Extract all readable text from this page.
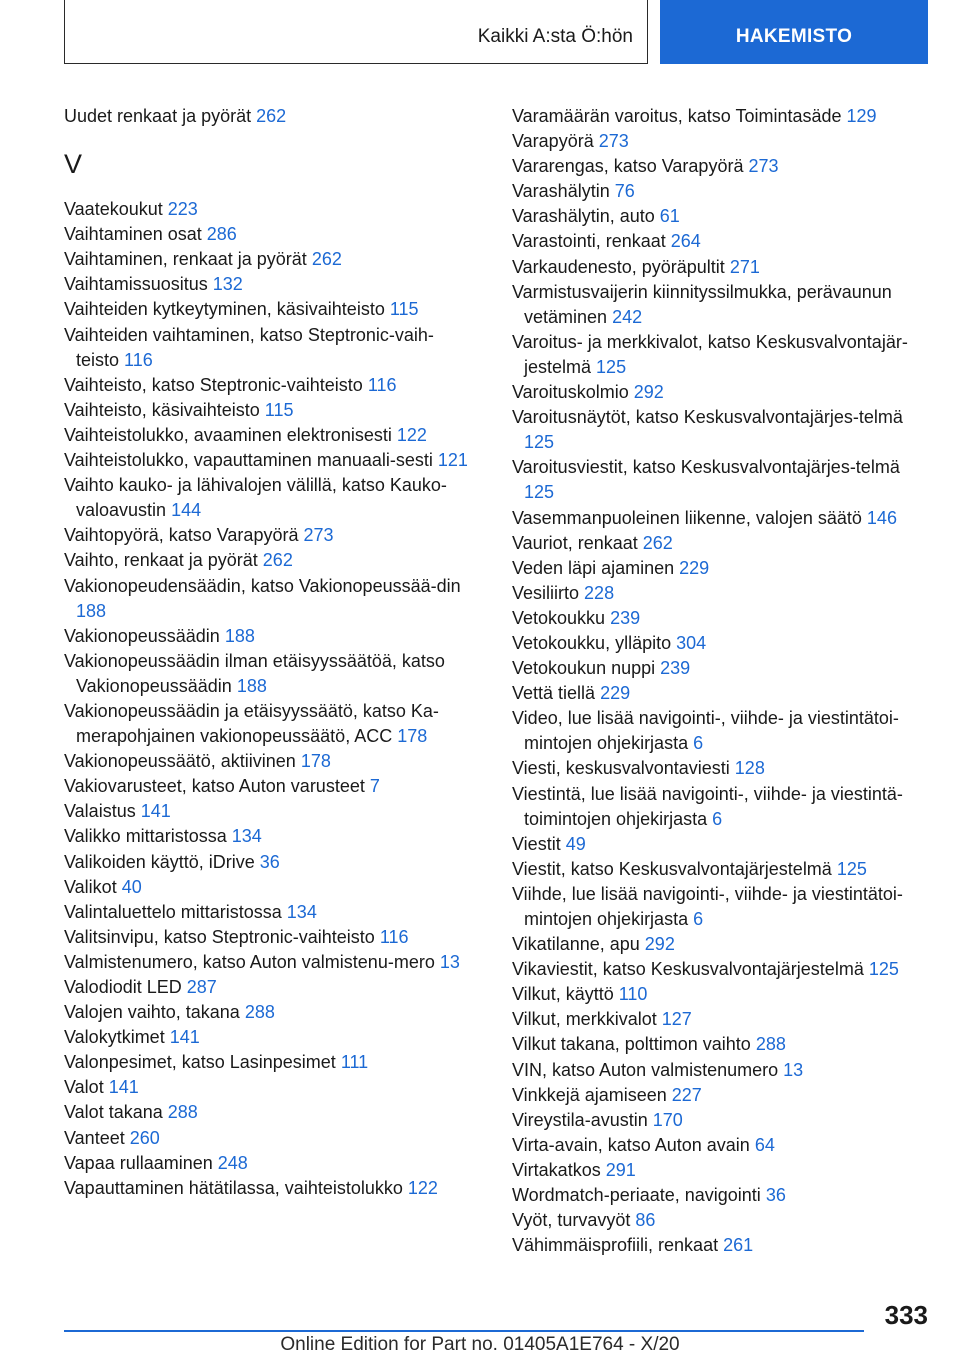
Kaikki A:sta Ö:hön	HAKEMISTO

Uudet renkaat ja pyörät 262

V

Vaatekoukut 223

Vaihtaminen osat 286

Vaihtaminen, renkaat ja pyörät 262

Vaihtamissuositus 132

Vaihteiden kytkeytyminen, käsivaihteisto 115

Vaihteiden vaihtaminen, katso Steptronic-vaih-teisto 116

Vaihteisto, katso Steptronic-vaihteisto 116

Vaihteisto, käsivaihteisto 115

Vaihteistolukko, avaaminen elektronisesti 122

Vaihteistolukko, vapauttaminen manuaali-sesti 121

Vaihto kauko- ja lähivalojen välillä, katso Kauko-valoavustin 144

Vaihtopyörä, katso Varapyörä 273

Vaihto, renkaat ja pyörät 262

Vakionopeudensäädin, katso Vakionopeussää-din 188

Vakionopeussäädin 188

Vakionopeussäädin ilman etäisyyssäätöä, katso Vakionopeussäädin 188

Vakionopeussäädin ja etäisyyssäätö, katso Ka-merapohjainen vakionopeussäätö, ACC 178

Vakionopeussäätö, aktiivinen 178

Vakiovarusteet, katso Auton varusteet 7

Valaistus 141

Valikko mittaristossa 134

Valikoiden käyttö, iDrive 36

Valikot 40

Valintaluettelo mittaristossa 134

Valitsinvipu, katso Steptronic-vaihteisto 116

Valmistenumero, katso Auton valmistenu-mero 13

Valodiodit LED 287

Valojen vaihto, takana 288

Valokytkimet 141

Valonpesimet, katso Lasinpesimet 111

Valot 141

Valot takana 288

Vanteet 260

Vapaa rullaaminen 248

Vapauttaminen hätätilassa, vaihteistolukko 122

Varamäärän varoitus, katso Toimintasäde 129

Varapyörä 273

Vararengas, katso Varapyörä 273

Varashälytin 76

Varashälytin, auto 61

Varastointi, renkaat 264

Varkaudenesto, pyöräpultit 271

Varmistusvaijerin kiinnityssilmukka, perävaunun vetäminen 242

Varoitus- ja merkkivalot, katso Keskusvalvontajär-jestelmä 125

Varoituskolmio 292

Varoitusnäytöt, katso Keskusvalvontajärjes-telmä 125

Varoitusviestit, katso Keskusvalvontajärjes-telmä 125

Vasemmanpuoleinen liikenne, valojen säätö 146

Vauriot, renkaat 262

Veden läpi ajaminen 229

Vesiliirto 228

Vetokoukku 239

Vetokoukku, ylläpito 304

Vetokoukun nuppi 239

Vettä tiellä 229

Video, lue lisää navigointi-, viihde- ja viestintätoi-mintojen ohjekirjasta 6

Viesti, keskusvalvontaviesti 128

Viestintä, lue lisää navigointi-, viihde- ja viestintä-toimintojen ohjekirjasta 6

Viestit 49

Viestit, katso Keskusvalvontajärjestelmä 125

Viihde, lue lisää navigointi-, viihde- ja viestintätoi-mintojen ohjekirjasta 6

Vikatilanne, apu 292

Vikaviestit, katso Keskusvalvontajärjestelmä 125

Vilkut, käyttö 110

Vilkut, merkkivalot 127

Vilkut takana, polttimon vaihto 288

VIN, katso Auton valmistenumero 13

Vinkkejä ajamiseen 227

Vireystila-avustin 170

Virta-avain, katso Auton avain 64

Virtakatkos 291

Wordmatch-periaate, navigointi 36

Vyöt, turvavyöt 86

Vähimmäisprofiili, renkaat 261

333
Online Edition for Part no. 01405A1E764 - X/20
